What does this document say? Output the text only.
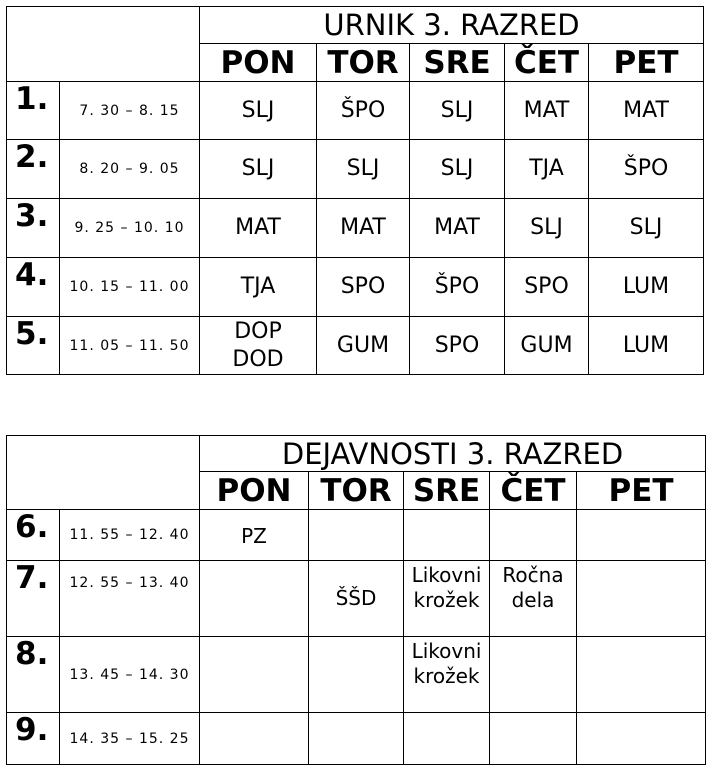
		URNIK 3. RAZRED				
		PON	TOR	SRE	ČET	PET
1.	7. 30 – 8. 15	SLJ	ŠPO	SLJ	MAT	MAT
2.	8. 20 – 9. 05	SLJ	SLJ	SLJ	TJA	ŠPO
3.	9. 25 – 10. 10	MAT	MAT	MAT	SLJ	SLJ
4.	10. 15 – 11. 00	TJA	SPO	ŠPO	SPO	LUM
5.	11. 05 – 11. 50	DOP DOD	GUM	SPO	GUM	LUM
		DEJAVNOSTI 3. RAZRED				
		PON	TOR	SRE	ČET	PET
6.	11. 55 – 12. 40	PZ				
7.	12. 55 – 13. 40		ŠŠD	Likovni krožek	Ročna dela	
8.	13. 45 – 14. 30			Likovni krožek		
9.	14. 35 – 15. 25					
